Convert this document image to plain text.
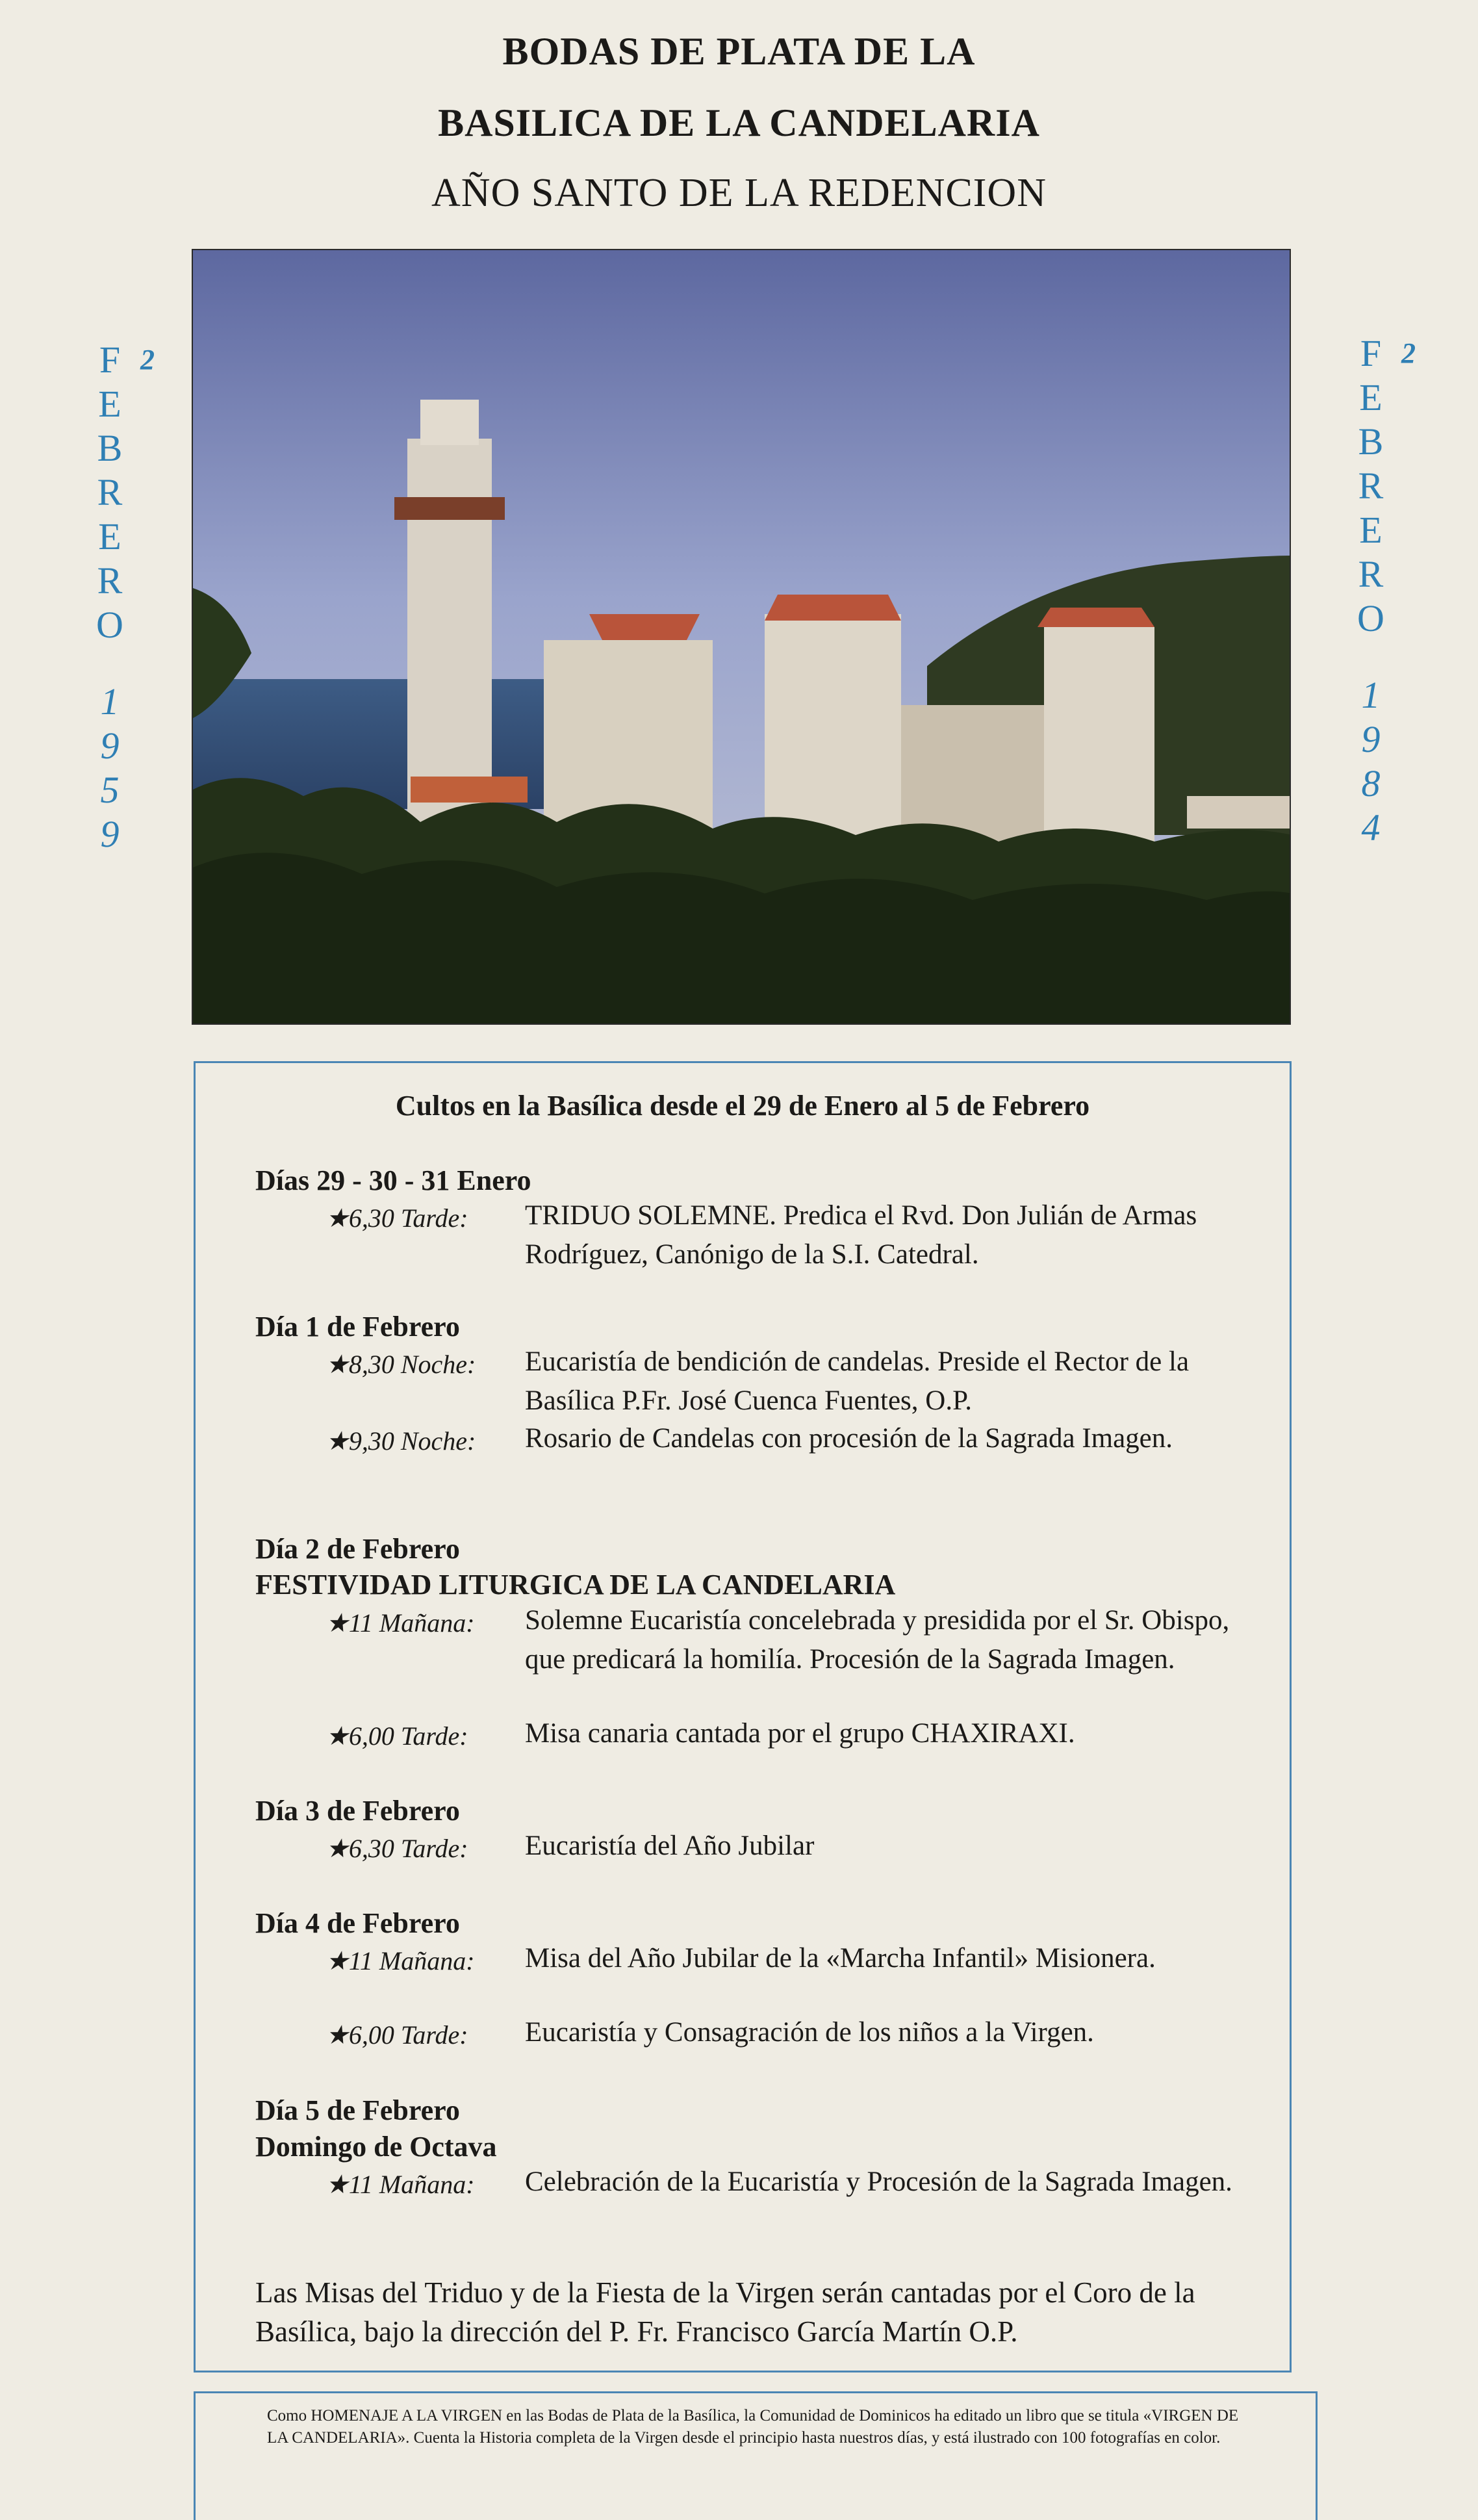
BODAS DE PLATA DE LA
BASILICA DE LA CANDELARIA
AÑO SANTO DE LA REDENCION
2
F
E
B
R
E
R
O
1
9
5
9
2
F
E
B
R
E
R
O
1
9
8
4
Cultos en la Basílica desde el 29 de Enero al 5 de Febrero
Días 29 - 30 - 31 Enero
★6,30 Tarde: TRIDUO SOLEMNE. Predica el Rvd. Don Julián de Armas Rodríguez, Canónigo de la S.I. Catedral.
Día 1 de Febrero
★8,30 Noche: Eucaristía de bendición de candelas. Preside el Rector de la Basílica P.Fr. José Cuenca Fuentes, O.P.
★9,30 Noche: Rosario de Candelas con procesión de la Sagrada Imagen.
Día 2 de Febrero
FESTIVIDAD LITURGICA DE LA CANDELARIA
★11 Mañana: Solemne Eucaristía concelebrada y presidida por el Sr. Obispo, que predicará la homilía. Procesión de la Sagrada Imagen.
★6,00 Tarde: Misa canaria cantada por el grupo CHAXIRAXI.
Día 3 de Febrero
★6,30 Tarde: Eucaristía del Año Jubilar
Día 4 de Febrero
★11 Mañana: Misa del Año Jubilar de la «Marcha Infantil» Misionera.
★6,00 Tarde: Eucaristía y Consagración de los niños a la Virgen.
Día 5 de Febrero
Domingo de Octava
★11 Mañana: Celebración de la Eucaristía y Procesión de la Sagrada Imagen.
Las Misas del Triduo y de la Fiesta de la Virgen serán cantadas por el Coro de la Basílica, bajo la dirección del P. Fr. Francisco García Martín O.P.

Como HOMENAJE A LA VIRGEN en las Bodas de Plata de la Basílica, la Comunidad de Dominicos ha editado un libro que se titula «VIRGEN DE LA CANDELARIA». Cuenta la Historia completa de la Virgen desde el principio hasta nuestros días, y está ilustrado con 100 fotografías en color.
